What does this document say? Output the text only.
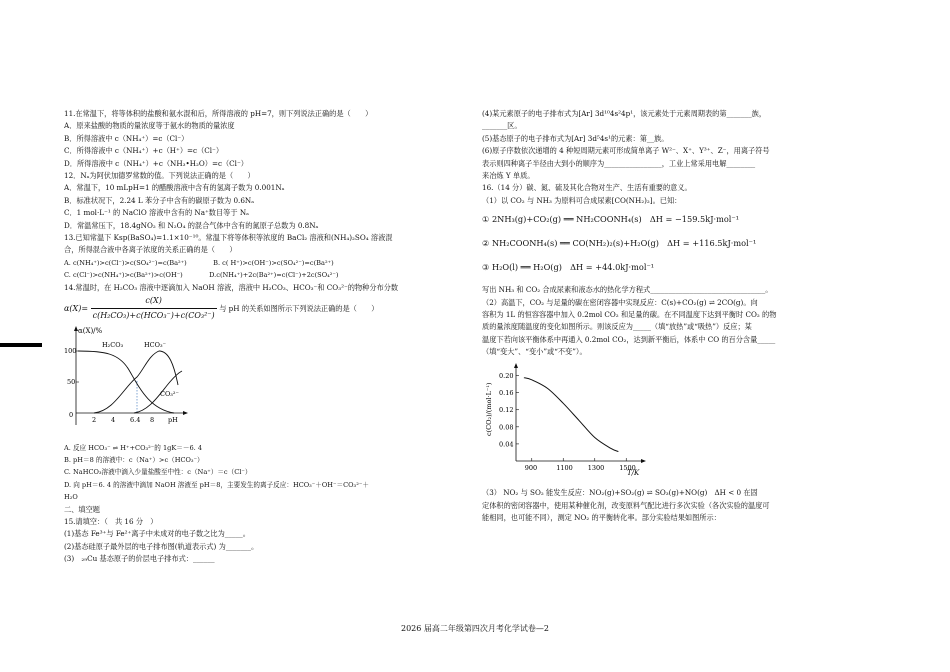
11.在常温下，将等体积的盐酸和氨水混和后，所得溶液的 pH=7，则下列说法正确的是（　　）
A．原来盐酸的物质的量浓度等于氨水的物质的量浓度
B．所得溶液中 c（NH₄⁺）=c（Cl⁻）
C．所得溶液中 c（NH₄⁺）+c（H⁺）=c（Cl⁻）
D．所得溶液中 c（NH₄⁺）+c（NH₃•H₂O）=c（Cl⁻）
12．Nₐ为阿伏加德罗常数的值。下列说法正确的是（　　）
A．常温下，10 mLpH=1 的醋酸溶液中含有的氢离子数为 0.001Nₐ
B．标准状况下，2.24 L 苯分子中含有的碳原子数为 0.6Nₐ
C．1 mol·L⁻¹ 的 NaClO 溶液中含有的 Na⁺数目等于 Nₐ
D．常温常压下，18.4gNO₂ 和 N₂O₄ 的混合气体中含有的氮原子总数为 0.8Nₐ
13.已知常温下 Ksp(BaSO₄)=1.1×10⁻¹⁰。常温下将等体积等浓度的 BaCl₂ 溶液和(NH₄)₂SO₄ 溶液混
合，所得混合液中各离子浓度的关系正确的是（　　）
A. c(NH₄⁺)>c(Cl⁻)>c(SO₄²⁻)=c(Ba²⁺)　　　　B. c( H⁺)>c(OH⁻)>c(SO₄²⁻)=c(Ba²⁺)
C. c(Cl⁻)>c(NH₄⁺)>c(Ba²⁺)>c(OH⁻)　　　　D.c(NH₄⁺)+2c(Ba²⁺)=c(Cl⁻)+2c(SO₄²⁻)
14.常温时，在 H₂CO₃ 溶液中逐滴加入 NaOH 溶液，溶液中 H₂CO₃、HCO₃⁻和 CO₃²⁻的物种分布分数
α(X)=
c(X)
c(H₂CO₃)+c(HCO₃⁻)+c(CO₃²⁻)
与 pH 的关系如图所示下列说法正确的是（　　）
α(X)/%
100
50
0
2 4 6.4 8 pH
H₂CO₃	HCO₃⁻
CO₃²⁻
A. 反应 HCO₃⁻ ⇌ H⁺+CO₃²⁻的 1gK＝－6. 4
B. pH＝8 的溶液中：c（Na⁺）>c（HCO₃⁻）
C. NaHCO₃溶液中滴入少量盐酸至中性：c（Na⁺）＝c（Cl⁻）
D. 向 pH＝6. 4 的溶液中滴加 NaOH 溶液至 pH＝8，主要发生的离子反应：HCO₃⁻＋OH⁻＝CO₃²⁻＋
H₂O
二、填空题
15.请填空：（　共 16 分　）
(1)基态 Fe³⁺与 Fe²⁺离子中未成对的电子数之比为_____。
(2)基态硅原子最外层的电子排布图(轨道表示式) 为_______。
(3)　₂₉Cu 基态原子的价层电子排布式：______
(4)某元素原子的电子排布式为[Ar] 3d¹⁰4s²4p¹，该元素处于元素周期表的第_______族，
_______区。
(5)基态原子的电子排布式为[Ar] 3d⁵4s¹的元素：第__族。
(6)原子序数依次递增的 4 种短周期元素可形成简单离子 W²⁻、X⁺、Y³⁺、Z⁻，用离子符号
表示则四种离子半径由大到小的顺序为________________，工业上常采用电解________
来冶炼 Y 单质。
16.（14 分）碳、氮、硫及其化合物对生产、生活有重要的意义。
（1）以 CO₂ 与 NH₃ 为原料可合成尿素[CO(NH₂)₂]。已知：
① 2NH₃(g)+CO₂(g) ══ NH₂COONH₄(s)　ΔH = −159.5kJ·mol⁻¹
② NH₂COONH₄(s) ══ CO(NH₂)₂(s)+H₂O(g)　ΔH = +116.5kJ·mol⁻¹
③ H₂O(l) ══ H₂O(g)　ΔH = +44.0kJ·mol⁻¹
写出 NH₃ 和 CO₂ 合成尿素和液态水的热化学方程式________________________________。
（2）高温下，CO₂ 与足量的碳在密闭容器中实现反应：C(s)+CO₂(g) ⇌ 2CO(g)。向
容积为 1L 的恒容容器中加入 0.2mol CO₂ 和足量的碳。在不同温度下达到平衡时 CO₂ 的物
质的量浓度随温度的变化如图所示。则该反应为_____（填“放热”或“吸热”）反应；某
温度下若向该平衡体系中再通入 0.2mol CO₂，达到新平衡后，体系中 CO 的百分含量_____
（填“变大”、“变小”或“不变”）。
c(CO₂)/(mol·L⁻¹)
T/K
900	1100 1300 1500
0.20
0.16
0.12
0.08
0.04
（3） NO₂ 与 SO₂ 能发生反应：NO₂(g)+SO₂(g) ⇌ SO₃(g)+NO(g)　ΔH < 0 在固
定体积的密闭容器中，使用某种催化剂，改变原料气配比进行多次实验（各次实验的温度可
能相同，也可能不同），测定 NO₂ 的平衡转化率。部分实验结果如图所示：
2026 届高二年级第四次月考化学试卷—2
